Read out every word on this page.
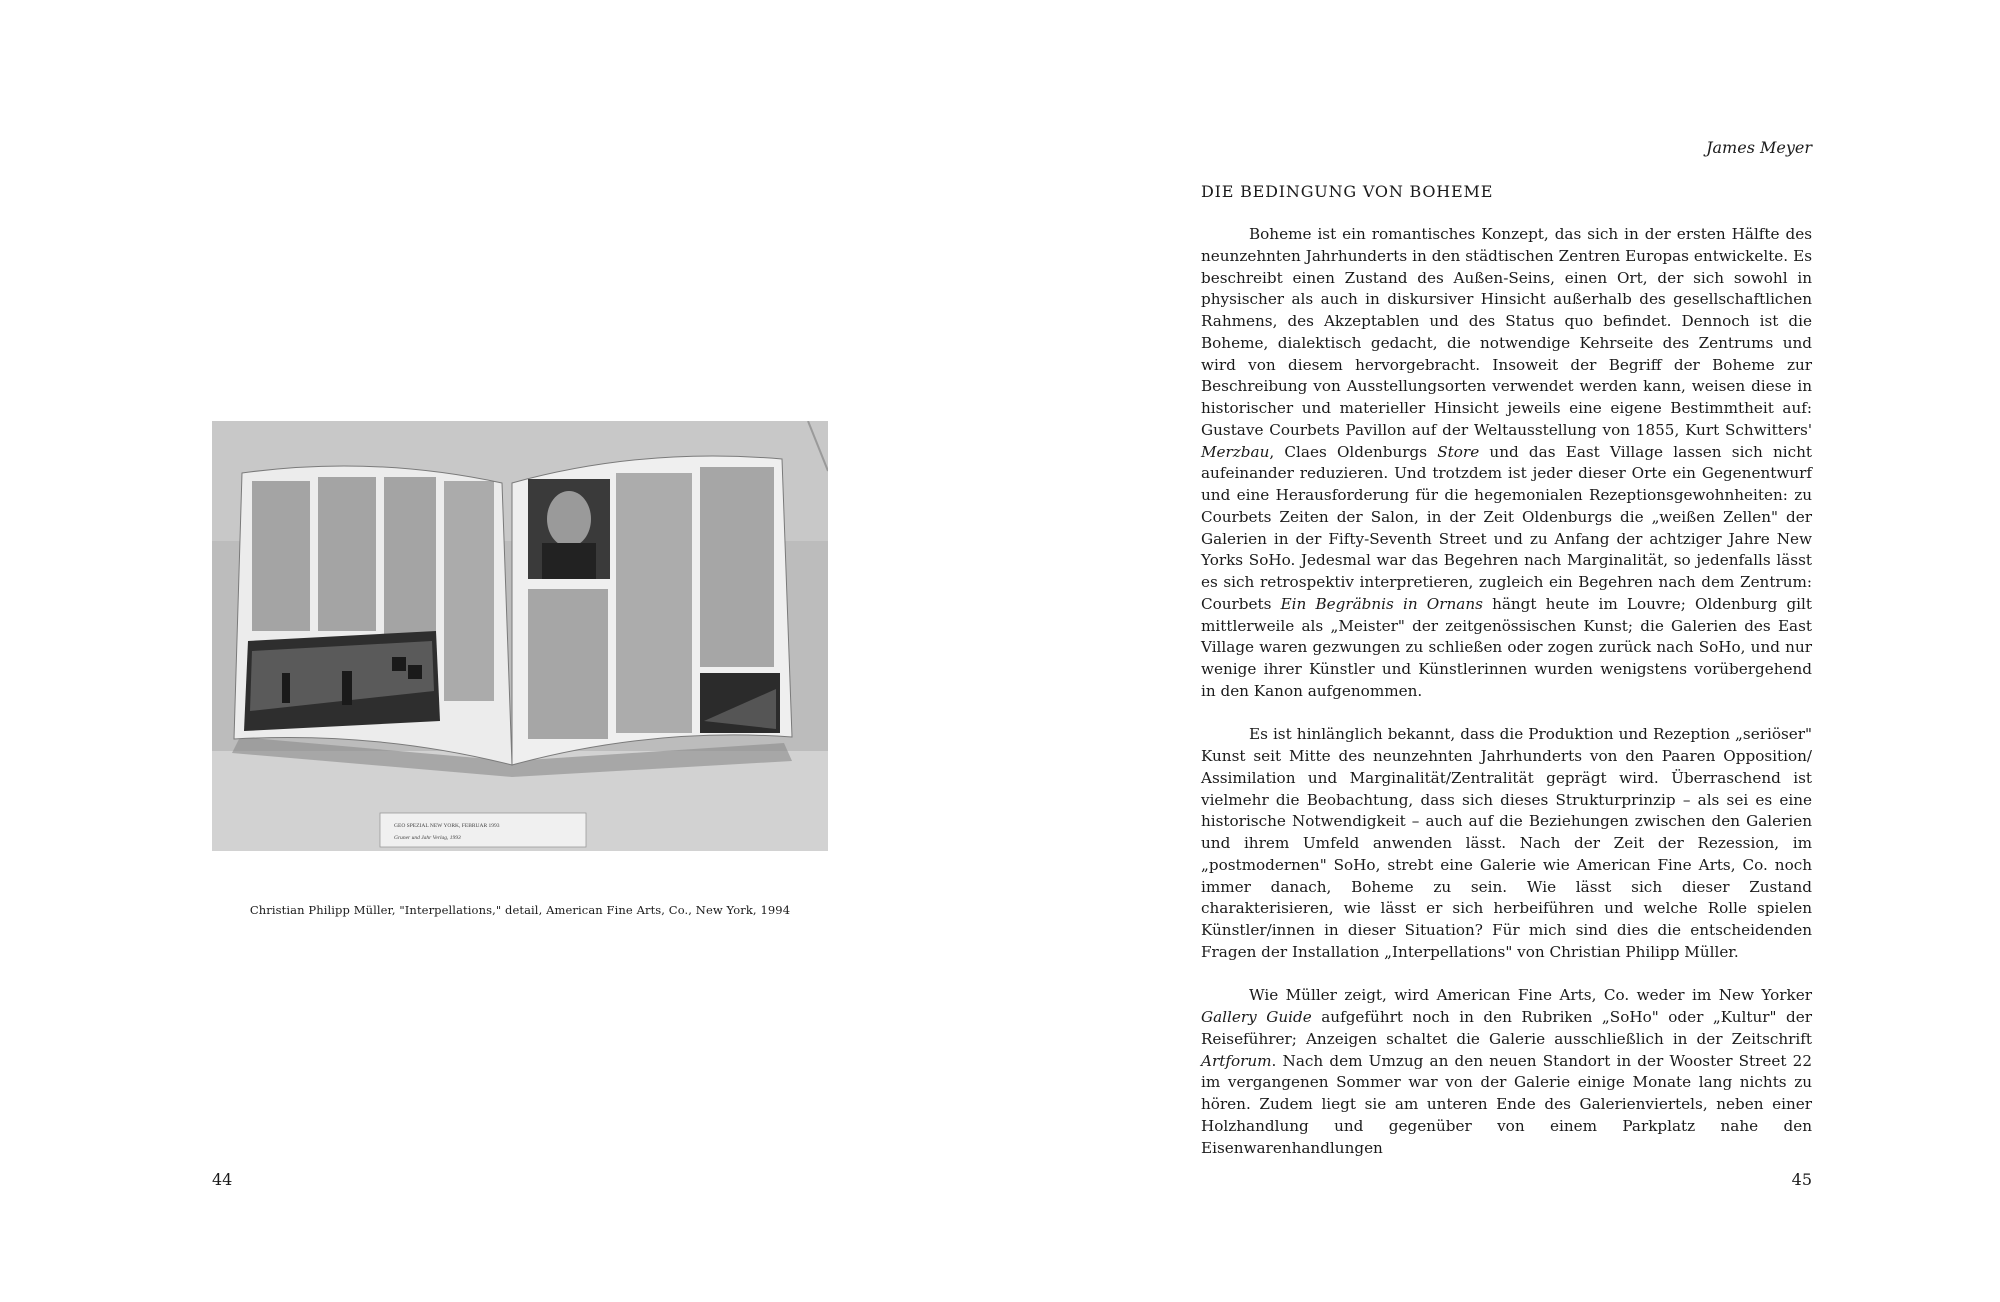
GEO SPEZIAL NEW YORK, FEBRUAR 1993
Gruner und Jahr Verlag, 1993
Christian Philipp Müller, "Interpellations," detail, American Fine Arts, Co., New York, 1994
44
James Meyer
DIE BEDINGUNG VON BOHEME

Boheme ist ein romantisches Konzept, das sich in der ersten Hälfte des neunzehnten Jahrhunderts in den städtischen Zentren Europas entwickelte. Es beschreibt einen Zustand des Außen-Seins, einen Ort, der sich sowohl in physischer als auch in diskursiver Hinsicht außerhalb des gesellschaftlichen Rahmens, des Akzeptablen und des Status quo befindet. Dennoch ist die Boheme, dialektisch gedacht, die notwendige Kehrseite des Zentrums und wird von diesem hervorgebracht. Insoweit der Begriff der Boheme zur Beschreibung von Ausstellungsorten verwendet werden kann, weisen diese in historischer und materieller Hinsicht jeweils eine eigene Bestimmtheit auf: Gustave Courbets Pavillon auf der Weltausstellung von 1855, Kurt Schwitters' Merzbau, Claes Oldenburgs Store und das East Village lassen sich nicht aufeinander reduzieren. Und trotzdem ist jeder dieser Orte ein Gegenentwurf und eine Herausforderung für die hegemonialen Rezeptionsgewohnheiten: zu Courbets Zeiten der Salon, in der Zeit Oldenburgs die „weißen Zellen" der Galerien in der Fifty-Seventh Street und zu Anfang der achtziger Jahre New Yorks SoHo. Jedesmal war das Begehren nach Marginalität, so jedenfalls lässt es sich retrospektiv interpretieren, zugleich ein Begehren nach dem Zentrum: Courbets Ein Begräbnis in Ornans hängt heute im Louvre; Oldenburg gilt mittlerweile als „Meister" der zeitgenössischen Kunst; die Galerien des East Village waren gezwungen zu schließen oder zogen zurück nach SoHo, und nur wenige ihrer Künstler und Künstlerinnen wurden wenigstens vorübergehend in den Kanon aufgenommen.

Es ist hinlänglich bekannt, dass die Produktion und Rezeption „seriöser" Kunst seit Mitte des neunzehnten Jahrhunderts von den Paaren Opposition/ Assimilation und Marginalität/Zentralität geprägt wird. Überraschend ist vielmehr die Beobachtung, dass sich dieses Strukturprinzip – als sei es eine historische Notwendigkeit – auch auf die Beziehungen zwischen den Galerien und ihrem Umfeld anwenden lässt. Nach der Zeit der Rezession, im „postmodernen" SoHo, strebt eine Galerie wie American Fine Arts, Co. noch immer danach, Boheme zu sein. Wie lässt sich dieser Zustand charakterisieren, wie lässt er sich herbeiführen und welche Rolle spielen Künstler/innen in dieser Situation? Für mich sind dies die entscheidenden Fragen der Installation „Interpellations" von Christian Philipp Müller.

Wie Müller zeigt, wird American Fine Arts, Co. weder im New Yorker Gallery Guide aufgeführt noch in den Rubriken „SoHo" oder „Kultur" der Reiseführer; Anzeigen schaltet die Galerie ausschließlich in der Zeitschrift Artforum. Nach dem Umzug an den neuen Standort in der Wooster Street 22 im vergangenen Sommer war von der Galerie einige Monate lang nichts zu hören. Zudem liegt sie am unteren Ende des Galerienviertels, neben einer Holzhandlung und gegenüber von einem Parkplatz nahe den Eisenwarenhandlungen

45
